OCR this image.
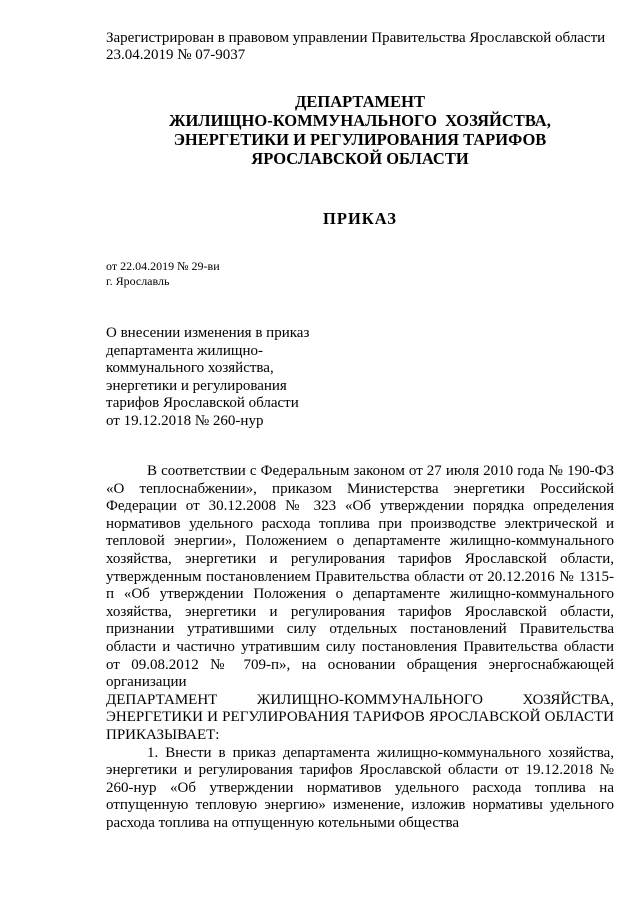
Зарегистрирован в правовом управлении Правительства Ярославской области
23.04.2019 № 07-9037
ДЕПАРТАМЕНТ
ЖИЛИЩНО-КОММУНАЛЬНОГО  ХОЗЯЙСТВА,
ЭНЕРГЕТИКИ И РЕГУЛИРОВАНИЯ ТАРИФОВ
ЯРОСЛАВСКОЙ ОБЛАСТИ
ПРИКАЗ
от 22.04.2019 № 29-ви
г. Ярославль
О внесении изменения в приказ
департамента жилищно-
коммунального хозяйства,
энергетики и регулирования
тарифов Ярославской области
от 19.12.2018 № 260-нур

В соответствии с Федеральным законом от 27 июля 2010 года № 190-ФЗ «О теплоснабжении», приказом Министерства энергетики Российской Федерации от 30.12.2008 № 323 «Об утверждении порядка определения нормативов удельного расхода топлива при производстве электрической и тепловой энергии», Положением о департаменте жилищно-коммунального хозяйства, энергетики и регулирования тарифов Ярославской области, утвержденным постановлением Правительства области от 20.12.2016 № 1315-п «Об утверждении Положения о департаменте жилищно-коммунального хозяйства, энергетики и регулирования тарифов Ярославской области, признании утратившими силу отдельных постановлений Правительства области и частично утратившим силу постановления Правительства области от 09.08.2012 № 709-п», на основании обращения энергоснабжающей организации

ДЕПАРТАМЕНТ ЖИЛИЩНО-КОММУНАЛЬНОГО ХОЗЯЙСТВА, ЭНЕРГЕТИКИ И РЕГУЛИРОВАНИЯ ТАРИФОВ ЯРОСЛАВСКОЙ ОБЛАСТИ ПРИКАЗЫВАЕТ:

1. Внести в приказ департамента жилищно-коммунального хозяйства, энергетики и регулирования тарифов Ярославской области от 19.12.2018 № 260-нур «Об утверждении нормативов удельного расхода топлива на отпущенную тепловую энергию» изменение, изложив нормативы удельного расхода топлива на отпущенную котельными общества
